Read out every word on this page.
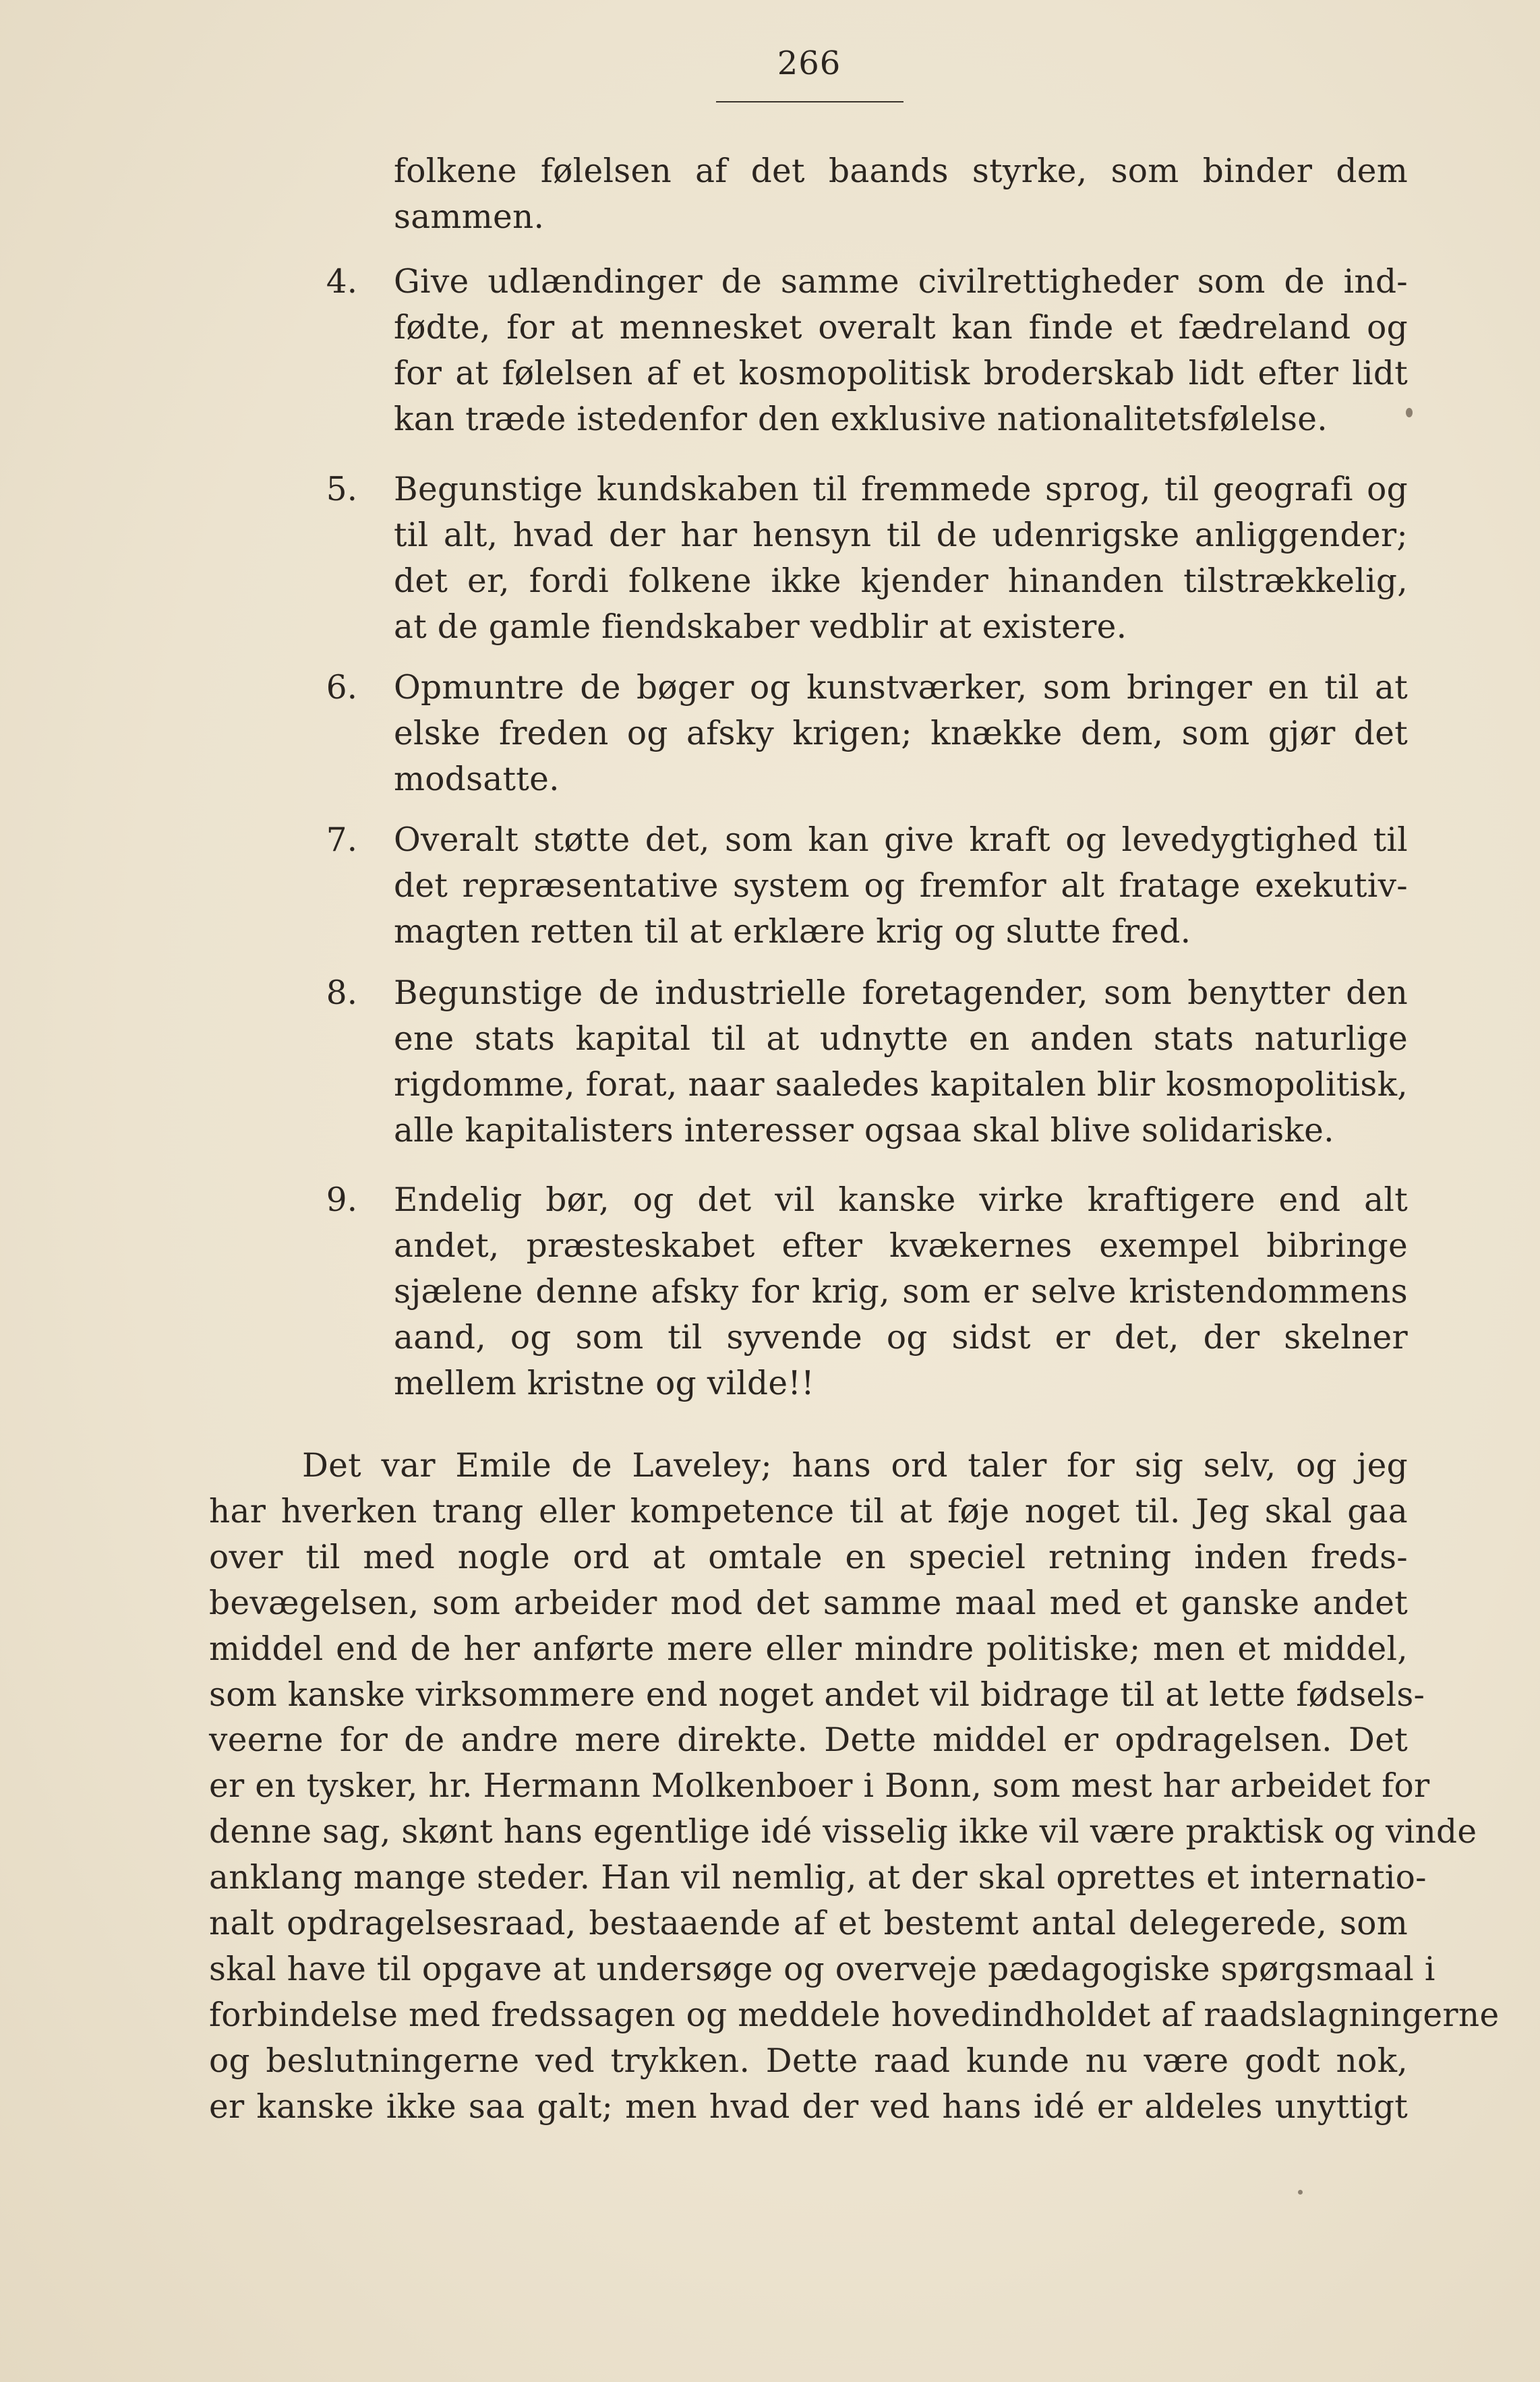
266
folkene følelsen af det baands styrke, som binder dem
sammen.
4. Give udlændinger de samme civilrettigheder som de ind-
fødte, for at mennesket overalt kan finde et fædreland og
for at følelsen af et kosmopolitisk broderskab lidt efter lidt
kan træde istedenfor den exklusive nationalitetsfølelse.
5. Begunstige kundskaben til fremmede sprog, til geografi og
til alt, hvad der har hensyn til de udenrigske anliggender;
det er, fordi folkene ikke kjender hinanden tilstrækkelig,
at de gamle fiendskaber vedblir at existere.
6. Opmuntre de bøger og kunstværker, som bringer en til at
elske freden og afsky krigen; knække dem, som gjør det
modsatte.
7. Overalt støtte det, som kan give kraft og levedygtighed til
det repræsentative system og fremfor alt fratage exekutiv-
magten retten til at erklære krig og slutte fred.
8. Begunstige de industrielle foretagender, som benytter den
ene stats kapital til at udnytte en anden stats naturlige
rigdomme, forat, naar saaledes kapitalen blir kosmopolitisk,
alle kapitalisters interesser ogsaa skal blive solidariske.
9. Endelig bør, og det vil kanske virke kraftigere end alt
andet, præsteskabet efter kvækernes exempel bibringe
sjælene denne afsky for krig, som er selve kristendommens
aand, og som til syvende og sidst er det, der skelner
mellem kristne og vilde!!
Det var Emile de Laveley; hans ord taler for sig selv, og jeg
har hverken trang eller kompetence til at føje noget til. Jeg skal gaa
over til med nogle ord at omtale en speciel retning inden freds-
bevægelsen, som arbeider mod det samme maal med et ganske andet
middel end de her anførte mere eller mindre politiske; men et middel,
som kanske virksommere end noget andet vil bidrage til at lette fødsels-
veerne for de andre mere direkte. Dette middel er opdragelsen. Det
er en tysker, hr. Hermann Molkenboer i Bonn, som mest har arbeidet for
denne sag, skønt hans egentlige idé visselig ikke vil være praktisk og vinde
anklang mange steder. Han vil nemlig, at der skal oprettes et internatio-
nalt opdragelsesraad, bestaaende af et bestemt antal delegerede, som
skal have til opgave at undersøge og overveje pædagogiske spørgsmaal i
forbindelse med fredssagen og meddele hovedindholdet af raadslagningerne
og beslutningerne ved trykken. Dette raad kunde nu være godt nok,
er kanske ikke saa galt; men hvad der ved hans idé er aldeles unyttigt
